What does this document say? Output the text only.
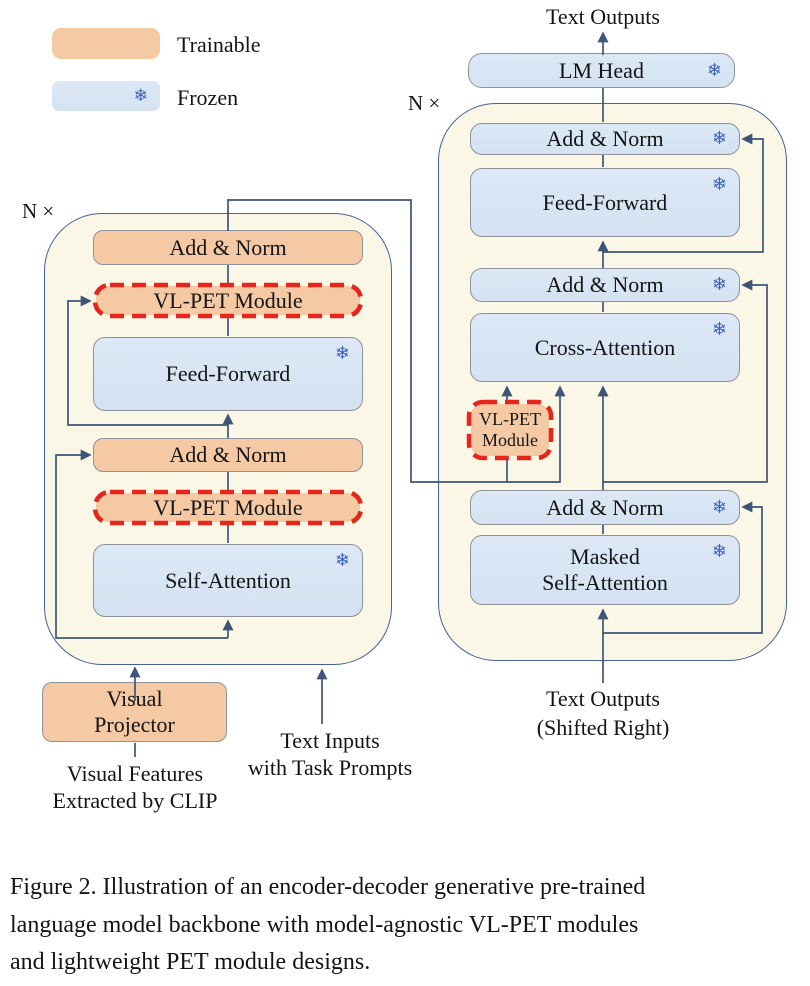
Trainable
❄ Frozen
N ×
Add & Norm
VL-PET Module
Feed-Forward
❄
Add & Norm
VL-PET Module
Self-Attention
❄
Visual
Projector
Visual Features
Extracted by CLIP
Text Inputs
with Task Prompts
Text Outputs
LM Head	❄
N ×
Add & Norm	❄
Feed-Forward
❄
Add & Norm	❄
Cross-Attention
❄
VL-PET
Module
Add & Norm	❄
Masked
Self-Attention
❄
Text Outputs
(Shifted Right)
Figure 2. Illustration of an encoder-decoder generative pre-trained
language model backbone with model-agnostic VL-PET modules
and lightweight PET module designs.
